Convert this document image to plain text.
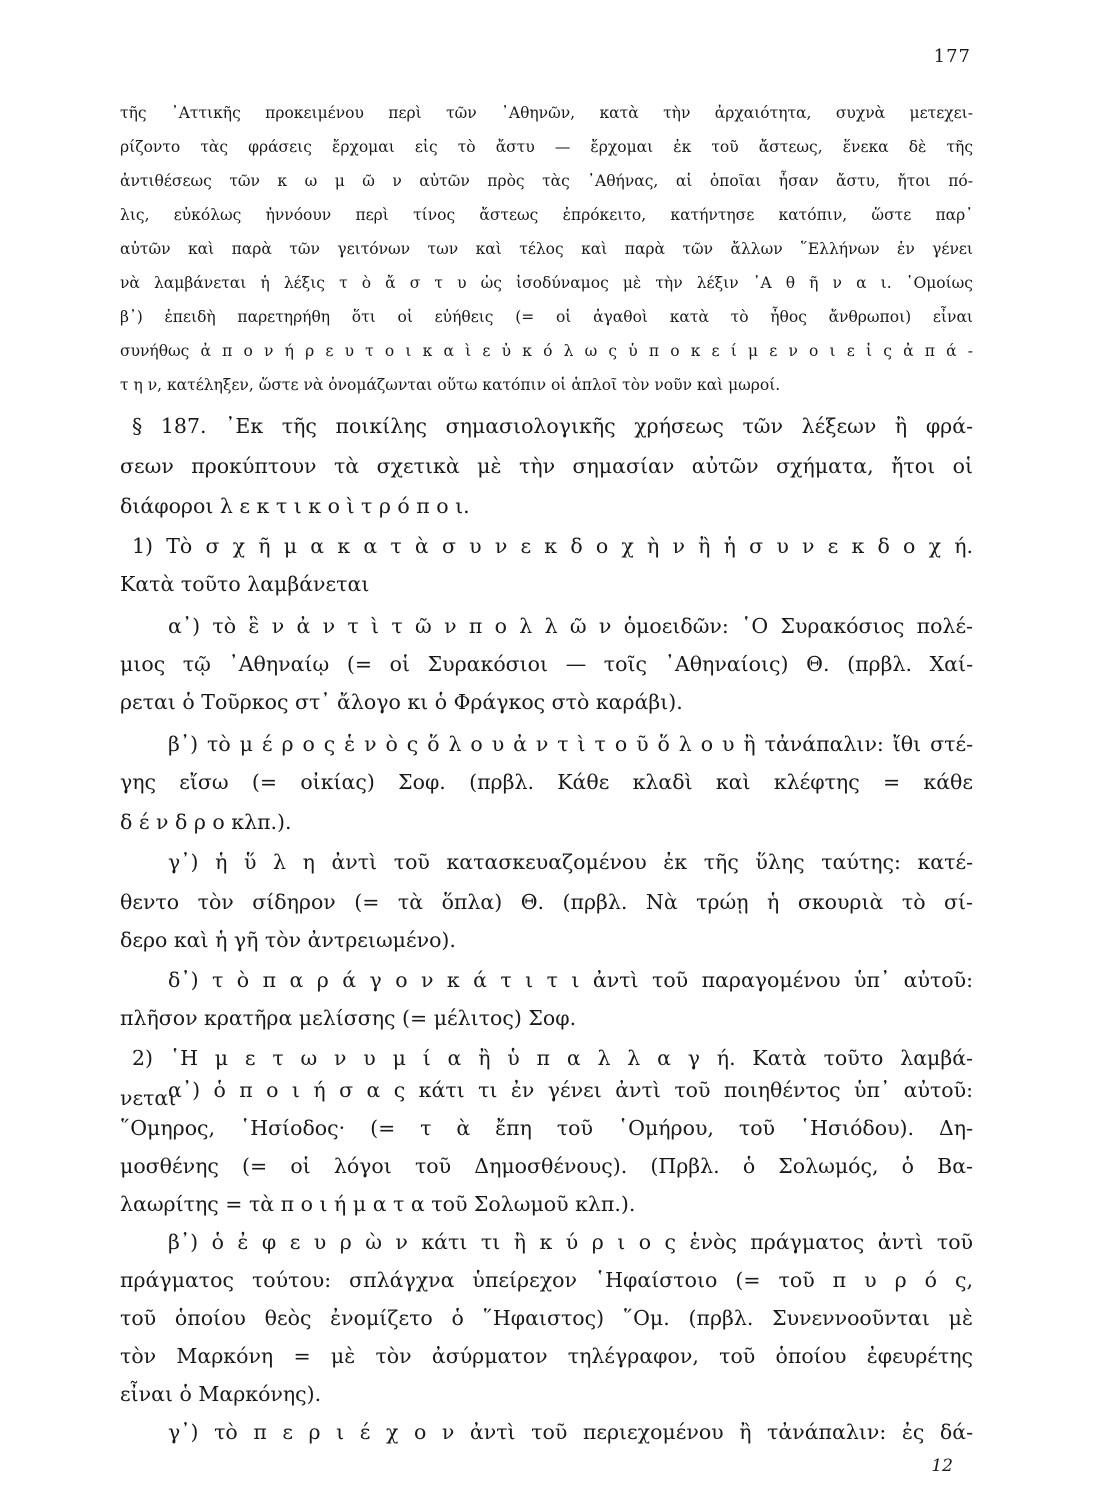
177
τῆς ᾽Αττικῆς προκειμένου περὶ τῶν ᾽Αθηνῶν, κατὰ τὴν ἀρχαιότητα, συχνὰ μετεχει-
ρίζοντο τὰς φράσεις ἔρχομαι εἰς τὸ ἄστυ — ἔρχομαι ἐκ τοῦ ἄστεως, ἕνεκα δὲ τῆς
ἀντιθέσεως τῶν κ ω μ ῶ ν αὐτῶν πρὸς τὰς ᾽Αθήνας, αἱ ὁποῖαι ἦσαν ἄστυ, ἤτοι πό-
λις, εὐκόλως ἠννόουν περὶ τίνος ἄστεως ἐπρόκειτο, κατήντησε κατόπιν, ὥστε παρ᾽
αὐτῶν καὶ παρὰ τῶν γειτόνων των καὶ τέλος καὶ παρὰ τῶν ἄλλων ῞Ελλήνων ἐν γένει
νὰ λαμβάνεται ἡ λέξις τ ὸ ἄ σ τ υ ὡς ἰσοδύναμος μὲ τὴν λέξιν ᾽Α θ ῆ ν α ι. ῾Ομοίως
β᾽) ἐπειδὴ παρετηρήθη ὅτι οἱ εὐήθεις (= οἱ ἀγαθοὶ κατὰ τὸ ἦθος ἄνθρωποι) εἶναι
συνήθως ἀ π ο ν ή ρ ε υ τ ο ι κ α ὶ ε ὐ κ ό λ ω ς ὑ π ο κ ε ί μ ε ν ο ι ε ἰ ς ἀ π ά -
τ η ν, κατέληξεν, ὥστε νὰ ὀνομάζωνται οὕτω κατόπιν οἱ ἁπλοῖ τὸν νοῦν καὶ μωροί.
§ 187. ᾽Εκ τῆς ποικίλης σημασιολογικῆς χρήσεως τῶν λέξεων ἢ φρά-
σεων προκύπτουν τὰ σχετικὰ μὲ τὴν σημασίαν αὐτῶν σχήματα, ἤτοι οἱ
διάφοροι λ ε κ τ ι κ ο ὶ τ ρ ό π ο ι.
1) Τὸ σ χ ῆ μ α κ α τ ὰ σ υ ν ε κ δ ο χ ὴ ν ἢ ἡ σ υ ν ε κ δ ο χ ή.
Κατὰ τοῦτο λαμβάνεται
α᾽) τὸ ἓ ν ἀ ν τ ὶ τ ῶ ν π ο λ λ ῶ ν ὁμοειδῶν: ῾Ο Συρακόσιος πολέ-
μιος τῷ ᾽Αθηναίῳ (= οἱ Συρακόσιοι — τοῖς ᾽Αθηναίοις) Θ. (πρβλ. Χαί-
ρεται ὁ Τοῦρκος στ᾽ ἄλογο κι ὁ Φράγκος στὸ καράβι).
β᾽) τὸ μ έ ρ ο ς ἑ ν ὸ ς ὅ λ ο υ ἀ ν τ ὶ τ ο ῦ ὅ λ ο υ ἢ τἀνάπαλιν: ἴθι στέ-
γης εἴσω (= οἰκίας) Σοφ. (πρβλ. Κάθε κλαδὶ καὶ κλέφτης = κάθε
δ έ ν δ ρ ο κλπ.).
γ᾽) ἡ ὕ λ η ἀντὶ τοῦ κατασκευαζομένου ἐκ τῆς ὕλης ταύτης: κατέ-
θεντο τὸν σίδηρον (= τὰ ὅπλα) Θ. (πρβλ. Νὰ τρώῃ ἡ σκουριὰ τὸ σί-
δερο καὶ ἡ γῆ τὸν ἀντρειωμένο).
δ᾽) τ ὸ π α ρ ά γ ο ν κ ά τ ι τ ι ἀντὶ τοῦ παραγομένου ὑπ᾽ αὐτοῦ:
πλῆσον κρατῆρα μελίσσης (= μέλιτος) Σοφ.
2) ῾Η μ ε τ ω ν υ μ ί α ἢ ὑ π α λ λ α γ ή. Κατὰ τοῦτο λαμβά-
νεται
α᾽) ὁ π ο ι ή σ α ς κάτι τι ἐν γένει ἀντὶ τοῦ ποιηθέντος ὑπ᾽ αὐτοῦ:
῞Ομηρος, ῾Ησίοδος· (= τ ὰ ἔπη τοῦ ῾Ομήρου, τοῦ ῾Ησιόδου). Δη-
μοσθένης (= οἱ λόγοι τοῦ Δημοσθένους). (Πρβλ. ὁ Σολωμός, ὁ Βα-
λαωρίτης = τὰ π ο ι ή μ α τ α τοῦ Σολωμοῦ κλπ.).
β᾽) ὁ ἐ φ ε υ ρ ὼ ν κάτι τι ἢ κ ύ ρ ι ο ς ἑνὸς πράγματος ἀντὶ τοῦ
πράγματος τούτου: σπλάγχνα ὑπείρεχον ῾Ηφαίστοιο (= τοῦ π υ ρ ό ς,
τοῦ ὁποίου θεὸς ἐνομίζετο ὁ ῞Ηφαιστος) ῞Ομ. (πρβλ. Συνεννοοῦνται μὲ
τὸν Μαρκόνη = μὲ τὸν ἀσύρματον τηλέγραφον, τοῦ ὁποίου ἐφευρέτης
εἶναι ὁ Μαρκόνης).
γ᾽) τὸ π ε ρ ι έ χ ο ν ἀντὶ τοῦ περιεχομένου ἢ τἀνάπαλιν: ἐς δά-
12
